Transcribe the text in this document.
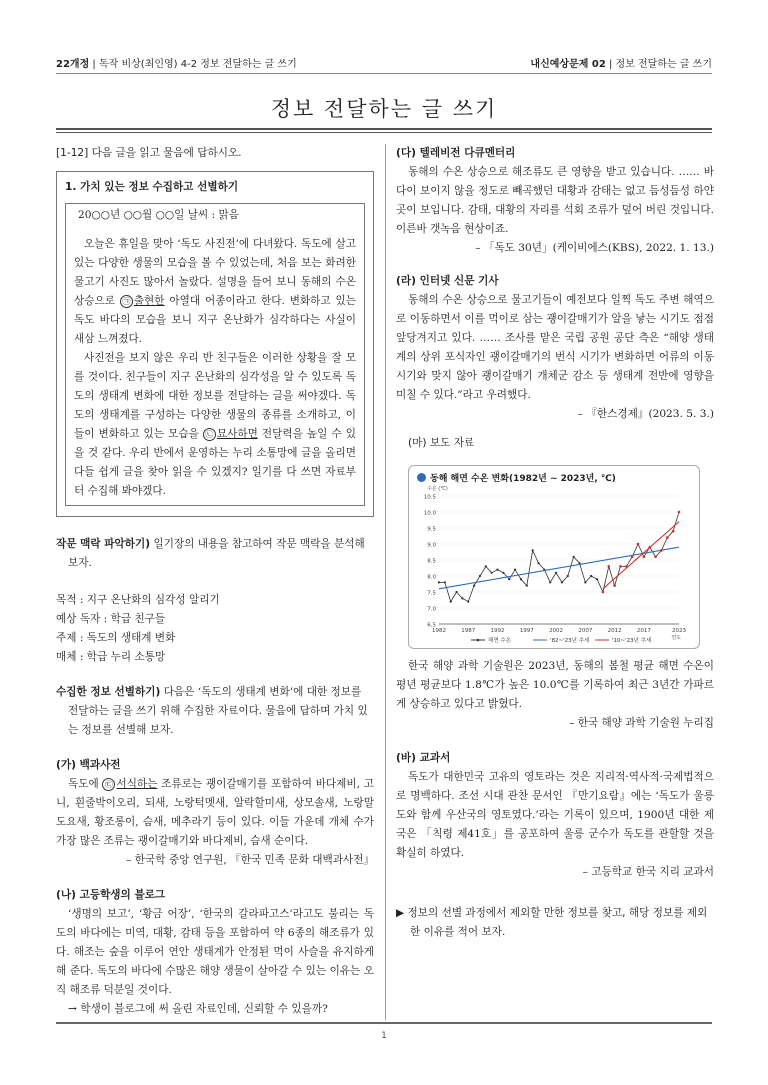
22개정 | 독작 비상(최인영) 4-2 정보 전달하는 글 쓰기	내신예상문제 02 | 정보 전달하는 글 쓰기
정보 전달하는 글 쓰기
[1-12] 다음 글을 읽고 물음에 답하시오.
1. 가치 있는 정보 수집하고 선별하기
20○○년 ○○월 ○○일 날씨 : 맑음

오늘은 휴일을 맞아 ‘독도 사진전’에 다녀왔다. 독도에 살고 있는 다양한 생물의 모습을 볼 수 있었는데, 처음 보는 화려한 물고기 사진도 많아서 놀랐다. 설명을 들어 보니 동해의 수온 상승으로 ㉠ 출현한 아열대 어종이라고 한다. 변화하고 있는 독도 바다의 모습을 보니 지구 온난화가 심각하다는 사실이 새삼 느껴졌다.

사진전을 보지 않은 우리 반 친구들은 이러한 상황을 잘 모를 것이다. 친구들이 지구 온난화의 심각성을 알 수 있도록 독도의 생태계 변화에 대한 정보를 전달하는 글을 써야겠다. 독도의 생태계를 구성하는 다양한 생물의 종류를 소개하고, 이들이 변화하고 있는 모습을 ㉡ 묘사하면 전달력을 높일 수 있을 것 같다. 우리 반에서 운영하는 누리 소통망에 글을 올리면 다들 쉽게 글을 찾아 읽을 수 있겠지? 일기를 다 쓰면 자료부터 수집해 봐야겠다.

작문 맥락 파악하기) 일기장의 내용을 참고하여 작문 맥락을 분석해 보자.
목적 : 지구 온난화의 심각성 알리기
예상 독자 : 학급 친구들
주제 : 독도의 생태계 변화
매체 : 학급 누리 소통망
수집한 정보 선별하기) 다음은 ‘독도의 생태계 변화’에 대한 정보를 전달하는 글을 쓰기 위해 수집한 자료이다. 물음에 답하며 가치 있는 정보를 선별해 보자.
(가) 백과사전
독도에 ㉢ 서식하는 조류로는 괭이갈매기를 포함하여 바다제비, 고니, 흰줄박이오리, 되새, 노랑턱멧새, 알락할미새, 상모솔새, 노랑말 도요새, 황조롱이, 슴새, 메추라기 등이 있다. 이들 가운데 개체 수가 가장 많은 조류는 괭이갈매기와 바다제비, 슴새 순이다.
– 한국학 중앙 연구원, 『한국 민족 문화 대백과사전』
(나) 고등학생의 블로그
‘생명의 보고’, ‘황금 어장’, ‘한국의 갈라파고스’라고도 불리는 독도의 바다에는 미역, 대황, 감태 등을 포함하여 약 6종의 해조류가 있다. 해조는 숲을 이루어 연안 생태계가 안정된 먹이 사슬을 유지하게 해 준다. 독도의 바다에 수많은 해양 생물이 살아갈 수 있는 이유는 오직 해조류 덕분일 것이다.
→ 학생이 블로그에 써 올린 자료인데, 신뢰할 수 있을까?
(다) 텔레비전 다큐멘터리
동해의 수온 상승으로 해조류도 큰 영향을 받고 있습니다. …… 바다이 보이지 않을 정도로 빼곡했던 대황과 감태는 없고 듬성듬성 하얀 곳이 보입니다. 감태, 대황의 자리를 석회 조류가 덮어 버린 것입니다. 이른바 갯녹음 현상이죠.
– 「독도 30년」(케이비에스(KBS), 2022. 1. 13.)
(라) 인터넷 신문 기사
동해의 수온 상승으로 물고기들이 예전보다 일찍 독도 주변 해역으로 이동하면서 이를 먹이로 삼는 괭이갈매기가 알을 낳는 시기도 점점 앞당겨지고 있다. …… 조사를 맡은 국립 공원 공단 측은 “해양 생태계의 상위 포식자인 괭이갈매기의 번식 시기가 변화하면 어류의 이동 시기와 맞지 않아 괭이갈매기 개체군 감소 등 생태계 전반에 영향을 미칠 수 있다.”라고 우려했다.
– 『한스경제』(2023. 5. 3.)
(마) 보도 자료
동해 해면 수온 변화(1982년 ~ 2023년, ℃)
6.5
7.0
7.5
8.0
8.5
9.0
9.5
10.0
10.5
수온 (℃)
1982	1987	1992	1997	2002	2007	2012	2017	2023
연도
해면 수온	'82~'23년 추세	'10~'23년 추세
한국 해양 과학 기술원은 2023년, 동해의 봄철 평균 해면 수온이 평년 평균보다 1.8℃가 높은 10.0℃를 기록하여 최근 3년간 가파르게 상승하고 있다고 밝혔다.
– 한국 해양 과학 기술원 누리집
(바) 교과서
독도가 대한민국 고유의 영토라는 것은 지리적·역사적·국제법적으로 명백하다. 조선 시대 관찬 문서인 『만기요람』에는 ‘독도가 울릉도와 함께 우산국의 영토였다.’라는 기록이 있으며, 1900년 대한 제국은 「칙령 제41호」를 공포하여 울릉 군수가 독도를 관할할 것을 확실히 하였다.
– 고등학교 한국 지리 교과서
▶ 정보의 선별 과정에서 제외할 만한 정보를 찾고, 해당 정보를 제외한 이유를 적어 보자.
1
